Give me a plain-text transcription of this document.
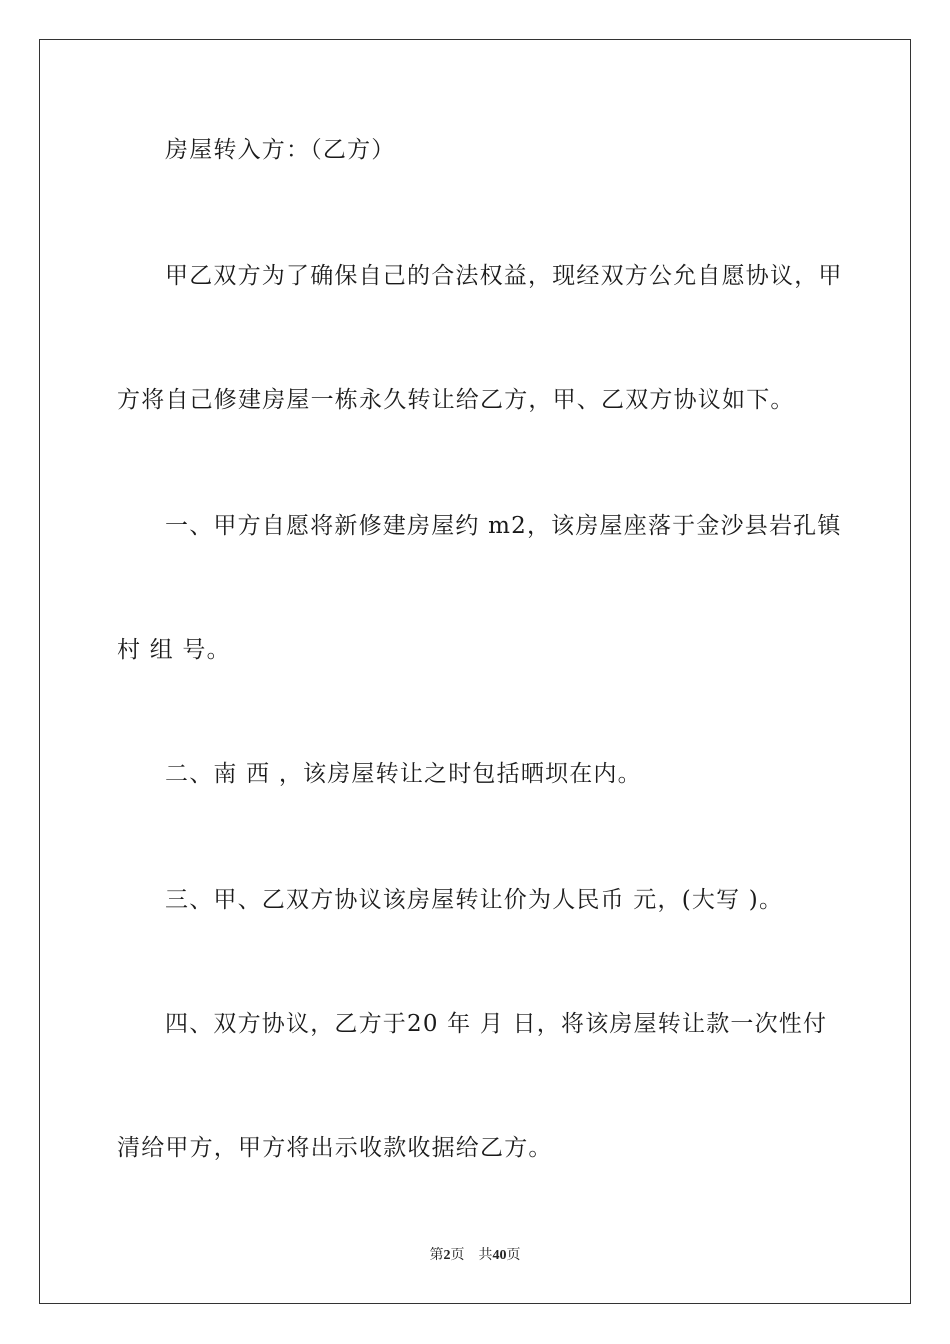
房屋转入方：（乙方）
甲乙双方为了确保自己的合法权益，现经双方公允自愿协议，甲
方将自己修建房屋一栋永久转让给乙方，甲、乙双方协议如下。
一、甲方自愿将新修建房屋约 m2，该房屋座落于金沙县岩孔镇
村 组 号。
二、南 西 ，该房屋转让之时包括晒坝在内。
三、甲、乙双方协议该房屋转让价为人民币 元，(大写 )。
四、双方协议，乙方于20 年 月 日，将该房屋转让款一次性付
清给甲方，甲方将出示收款收据给乙方。
第2页 共40页
